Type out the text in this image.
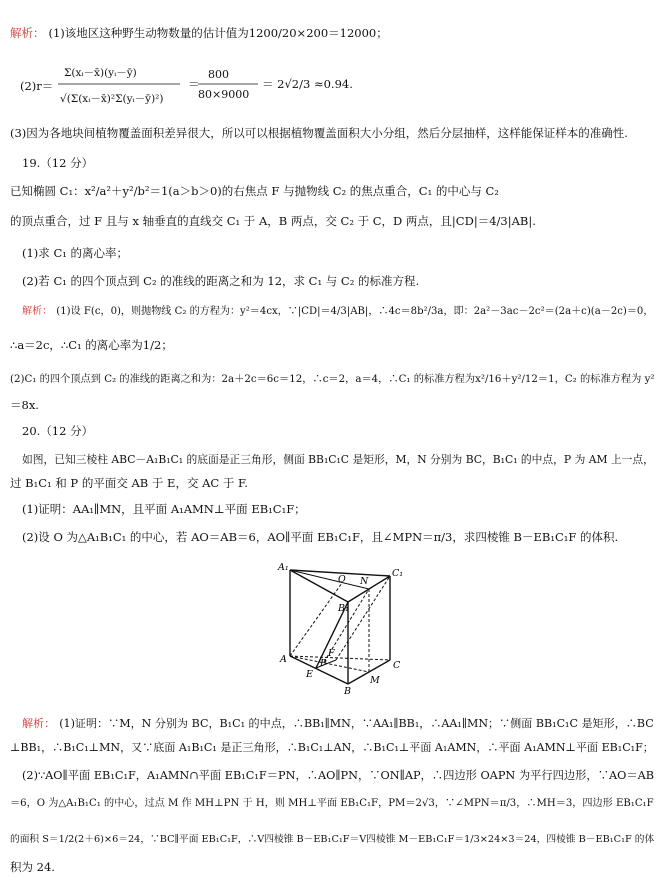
解析： (1)该地区这种野生动物数量的估计值为1200/20×200＝12000；
(2)r＝
Σ(xᵢ－x̄)(yᵢ－ȳ)
√(Σ(xᵢ－x̄)²Σ(yᵢ－ȳ)²)
＝
800
80×9000
＝ 2√2/3 ≈0.94.
(3)因为各地块间植物覆盖面积差异很大，所以可以根据植物覆盖面积大小分组，然后分层抽样，这样能保证样本的准确性.
19.（12 分）
已知椭圆 C₁：x²/a²＋y²/b²＝1(a＞b＞0)的右焦点 F 与抛物线 C₂ 的焦点重合，C₁ 的中心与 C₂
的顶点重合，过 F 且与 x 轴垂直的直线交 C₁ 于 A，B 两点，交 C₂ 于 C，D 两点，且|CD|＝4/3|AB|.
(1)求 C₁ 的离心率；
(2)若 C₁ 的四个顶点到 C₂ 的准线的距离之和为 12，求 C₁ 与 C₂ 的标准方程.
解析： (1)设 F(c，0)，则抛物线 C₂ 的方程为：y²＝4cx，∵|CD|＝4/3|AB|，∴4c＝8b²/3a，即：2a²－3ac－2c²＝(2a＋c)(a－2c)＝0，
∴a＝2c，∴C₁ 的离心率为1/2；
(2)C₁ 的四个顶点到 C₂ 的准线的距离之和为：2a＋2c＝6c＝12，∴c＝2，a＝4，∴C₁ 的标准方程为x²/16＋y²/12＝1，C₂ 的标准方程为 y²
＝8x.
20.（12 分）
如图，已知三棱柱 ABC－A₁B₁C₁ 的底面是正三角形，侧面 BB₁C₁C 是矩形，M，N 分别为 BC，B₁C₁ 的中点，P 为 AM 上一点，
过 B₁C₁ 和 P 的平面交 AB 于 E，交 AC 于 F.
(1)证明：AA₁∥MN，且平面 A₁AMN⊥平面 EB₁C₁F；
(2)设 O 为△A₁B₁C₁ 的中心，若 AO＝AB＝6，AO∥平面 EB₁C₁F，且∠MPN＝π/3，求四棱锥 B－EB₁C₁F 的体积.
A₁
C₁
B₁
O N
A
C
B
E
F
P
M
解析： (1)证明：∵M，N 分别为 BC，B₁C₁ 的中点，∴BB₁∥MN，∵AA₁∥BB₁，∴AA₁∥MN；∵侧面 BB₁C₁C 是矩形，∴BC
⊥BB₁，∴B₁C₁⊥MN，又∵底面 A₁B₁C₁ 是正三角形，∴B₁C₁⊥AN，∴B₁C₁⊥平面 A₁AMN，∴平面 A₁AMN⊥平面 EB₁C₁F；
(2)∵AO∥平面 EB₁C₁F，A₁AMN∩平面 EB₁C₁F＝PN，∴AO∥PN，∵ON∥AP，∴四边形 OAPN 为平行四边形，∵AO＝AB
＝6，O 为△A₁B₁C₁ 的中心，过点 M 作 MH⊥PN 于 H，则 MH⊥平面 EB₁C₁F，PM＝2√3，∵∠MPN＝π/3，∴MH＝3，四边形 EB₁C₁F
的面积 S＝1/2(2＋6)×6＝24，∵BC∥平面 EB₁C₁F，∴V四棱锥 B－EB₁C₁F＝V四棱锥 M－EB₁C₁F＝1/3×24×3＝24，四棱锥 B－EB₁C₁F 的体
积为 24.
